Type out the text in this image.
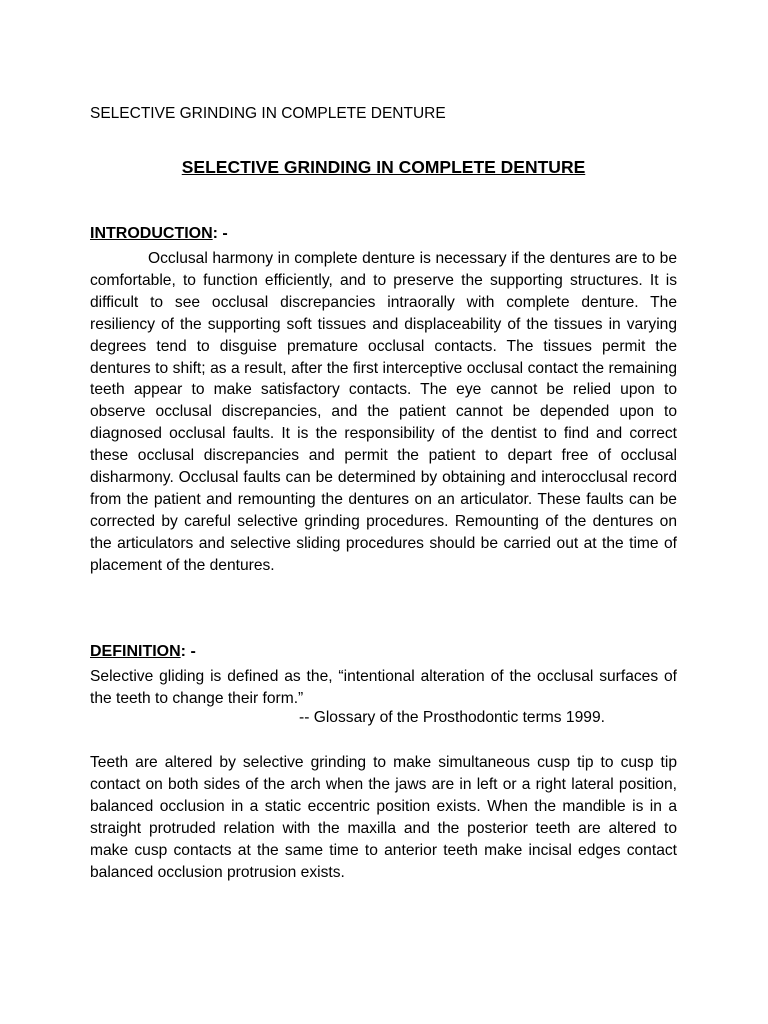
SELECTIVE GRINDING IN COMPLETE DENTURE
SELECTIVE GRINDING IN COMPLETE DENTURE
INTRODUCTION: -
Occlusal harmony in complete denture is necessary if the dentures are to be comfortable, to function efficiently, and to preserve the supporting structures. It is difficult to see occlusal discrepancies intraorally with complete denture. The resiliency of the supporting soft tissues and displaceability of the tissues in varying degrees tend to disguise premature occlusal contacts. The tissues permit the dentures to shift; as a result, after the first interceptive occlusal contact the remaining teeth appear to make satisfactory contacts. The eye cannot be relied upon to observe occlusal discrepancies, and the patient cannot be depended upon to diagnosed occlusal faults. It is the responsibility of the dentist to find and correct these occlusal discrepancies and permit the patient to depart free of occlusal disharmony. Occlusal faults can be determined by obtaining and interocclusal record from the patient and remounting the dentures on an articulator. These faults can be corrected by careful selective grinding procedures. Remounting of the dentures on the articulators and selective sliding procedures should be carried out at the time of placement of the dentures.
DEFINITION: -
Selective gliding is defined as the, “intentional alteration of the occlusal surfaces of the teeth to change their form.”
-- Glossary of the Prosthodontic terms 1999.
Teeth are altered by selective grinding to make simultaneous cusp tip to cusp tip contact on both sides of the arch when the jaws are in left or a right lateral position, balanced occlusion in a static eccentric position exists. When the mandible is in a straight protruded relation with the maxilla and the posterior teeth are altered to make cusp contacts at the same time to anterior teeth make incisal edges contact balanced occlusion protrusion exists.
